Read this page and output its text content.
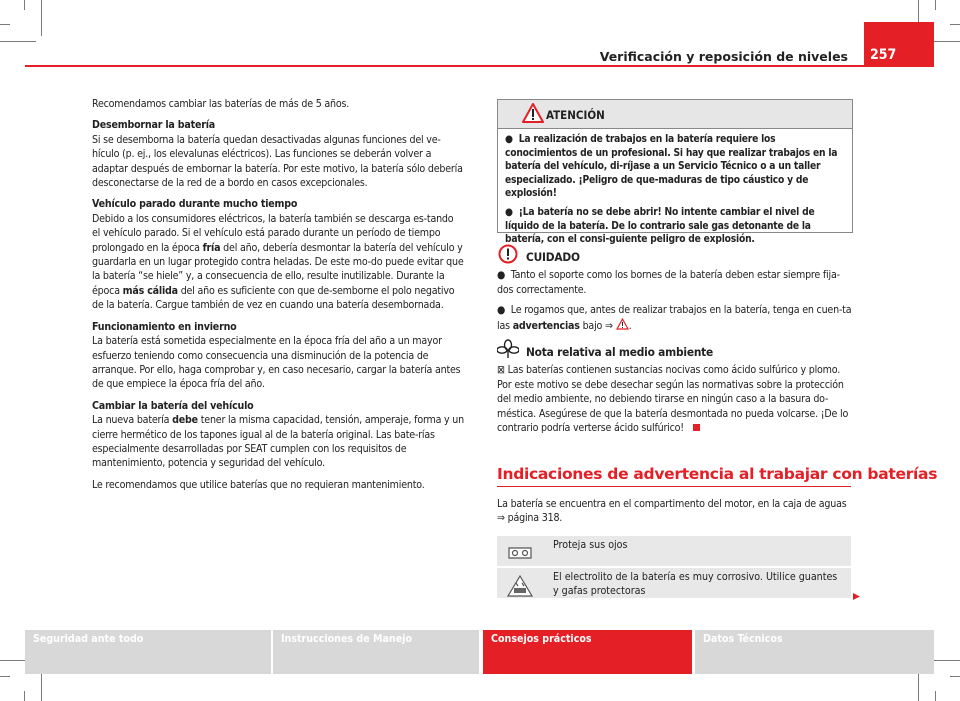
Verificación y reposición de niveles 257

Recomendamos cambiar las baterías de más de 5 años.

Desembornar la batería

Si se desemborna la batería quedan desactivadas algunas funciones del ve-hículo (p. ej., los elevalunas eléctricos). Las funciones se deberán volver a adaptar después de embornar la batería. Por este motivo, la batería sólo debería desconectarse de la red de a bordo en casos excepcionales.

Vehículo parado durante mucho tiempo

Debido a los consumidores eléctricos, la batería también se descarga es-tando el vehículo parado. Si el vehículo está parado durante un período de tiempo prolongado en la época fría del año, debería desmontar la batería del vehículo y guardarla en un lugar protegido contra heladas. De este mo-do puede evitar que la batería “se hiele” y, a consecuencia de ello, resulte inutilizable. Durante la época más cálida del año es suficiente con que de-semborne el polo negativo de la batería. Cargue también de vez en cuando una batería desembornada.

Funcionamiento en invierno

La batería está sometida especialmente en la época fría del año a un mayor esfuerzo teniendo como consecuencia una disminución de la potencia de arranque. Por ello, haga comprobar y, en caso necesario, cargar la batería antes de que empiece la época fría del año.

Cambiar la batería del vehículo

La nueva batería debe tener la misma capacidad, tensión, amperaje, forma y un cierre hermético de los tapones igual al de la batería original. Las bate-rías especialmente desarrolladas por SEAT cumplen con los requisitos de mantenimiento, potencia y seguridad del vehículo.

Le recomendamos que utilice baterías que no requieran mantenimiento.

ATENCIÓN

● La realización de trabajos en la batería requiere los conocimientos de un profesional. Si hay que realizar trabajos en la batería del vehículo, di-ríjase a un Servicio Técnico o a un taller especializado. ¡Peligro de que-maduras de tipo cáustico y de explosión!

● ¡La batería no se debe abrir! No intente cambiar el nivel de líquido de la batería. De lo contrario sale gas detonante de la batería, con el consi-guiente peligro de explosión.

CUIDADO

● Tanto el soporte como los bornes de la batería deben estar siempre fija-dos correctamente.

● Le rogamos que, antes de realizar trabajos en la batería, tenga en cuen-ta las advertencias bajo ⇒ .

Nota relativa al medio ambiente

⊠ Las baterías contienen sustancias nocivas como ácido sulfúrico y plomo. Por este motivo se debe desechar según las normativas sobre la protección del medio ambiente, no debiendo tirarse en ningún caso a la basura do-méstica. Asegúrese de que la batería desmontada no pueda volcarse. ¡De lo contrario podría verterse ácido sulfúrico!

Indicaciones de advertencia al trabajar con baterías

La batería se encuentra en el compartimento del motor, en la caja de aguas ⇒ página 318.

Proteja sus ojos
El electrolito de la batería es muy corrosivo. Utilice guantes y gafas protectoras
Seguridad ante todo	Instrucciones de Manejo	Consejos prácticos	Datos Técnicos
